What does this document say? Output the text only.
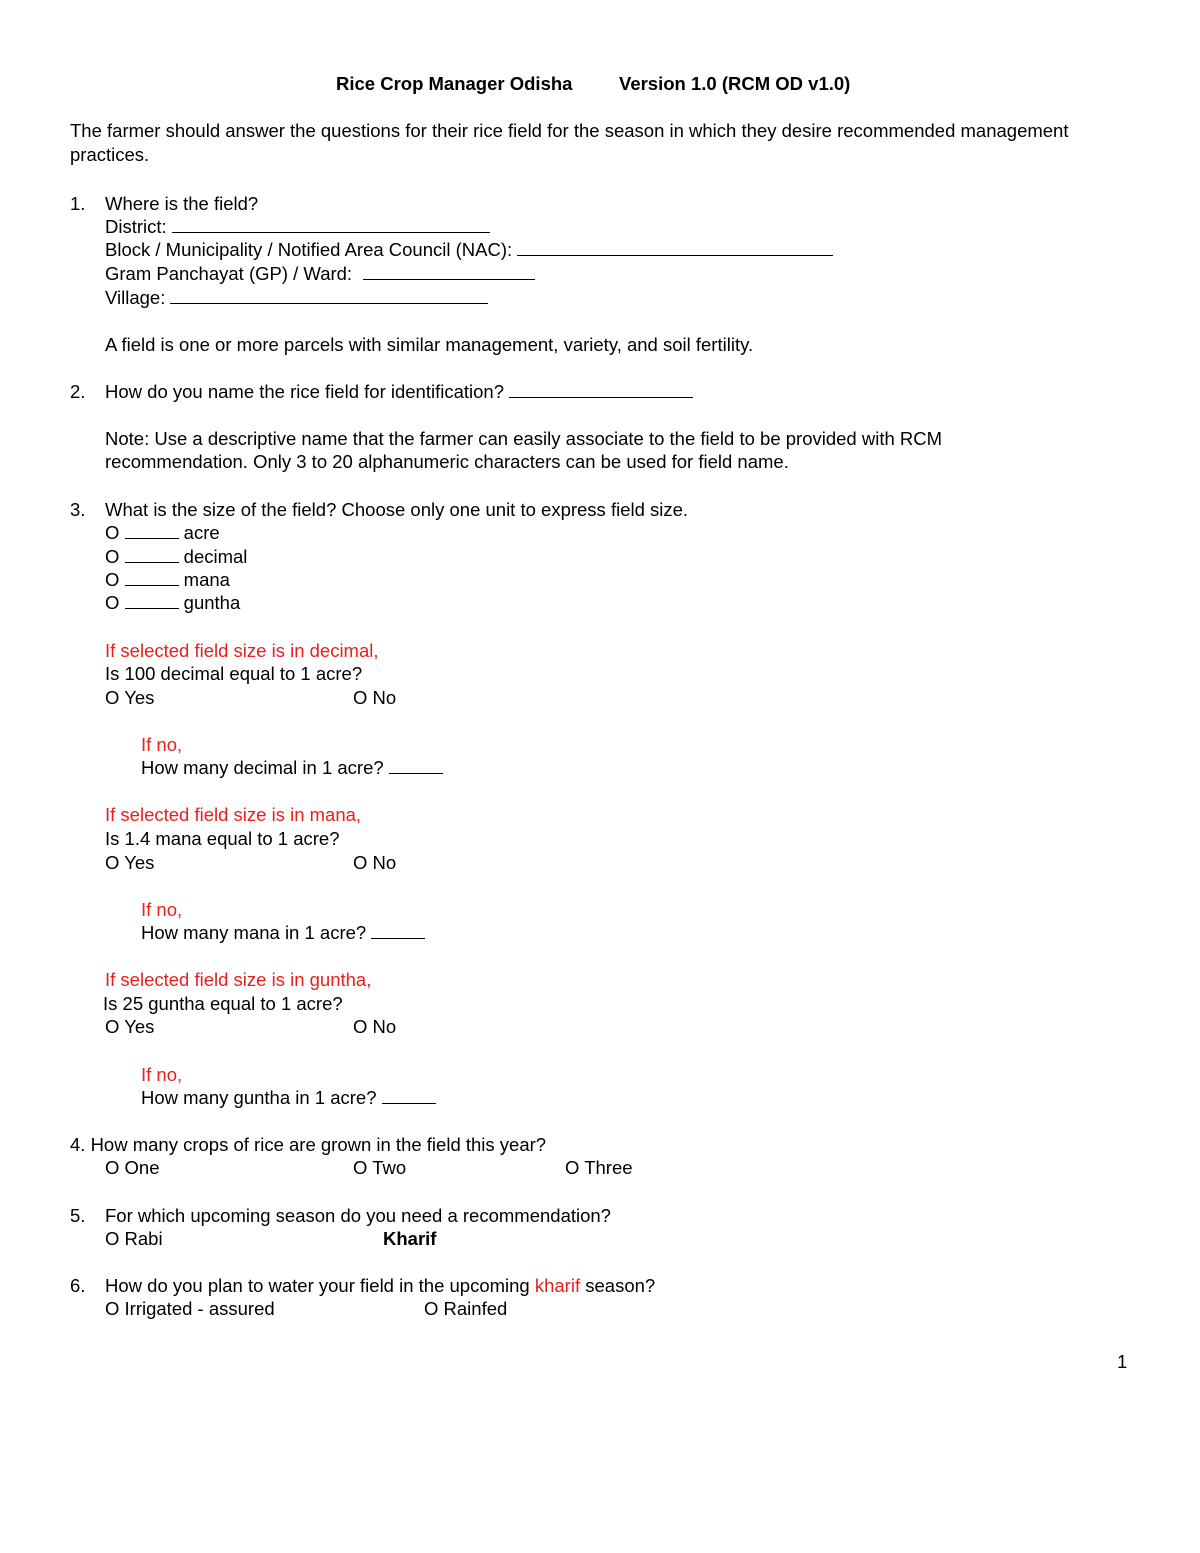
Rice Crop Manager Odisha	Version 1.0 (RCM OD v1.0)
The farmer should answer the questions for their rice field for the season in which they desire recommended management
practices.
1. Where is the field?
District:
Block / Municipality / Notified Area Council (NAC):
Gram Panchayat (GP) / Ward:
Village:
A field is one or more parcels with similar management, variety, and soil fertility.
2. How do you name the rice field for identification?
Note: Use a descriptive name that the farmer can easily associate to the field to be provided with RCM
recommendation. Only 3 to 20 alphanumeric characters can be used for field name.
3. What is the size of the field? Choose only one unit to express field size.
O	acre
O	decimal
O	mana
O	guntha
If selected field size is in decimal,
Is 100 decimal equal to 1 acre?
O Yes	O No
If no,
How many decimal in 1 acre?
If selected field size is in mana,
Is 1.4 mana equal to 1 acre?
O Yes	O No
If no,
How many mana in 1 acre?
If selected field size is in guntha,
Is 25 guntha equal to 1 acre?
O Yes	O No
If no,
How many guntha in 1 acre?
4. How many crops of rice are grown in the field this year?
O One	O Two	O Three
5. For which upcoming season do you need a recommendation?
O Rabi	Kharif
6. How do you plan to water your field in the upcoming kharif season?
O Irrigated - assured	O Rainfed
1
